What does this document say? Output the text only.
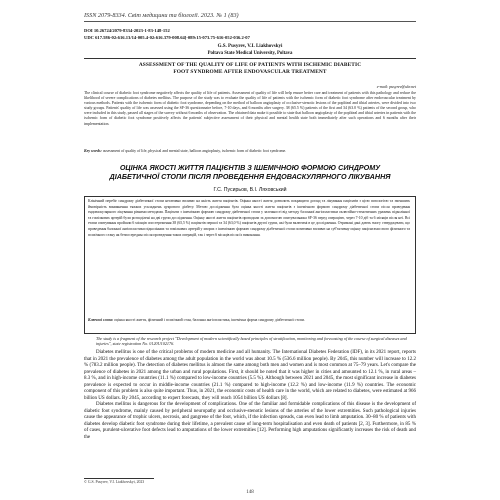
ISSN 2079-8334. Світ медицини та біології. 2023. № 1 (83)
DOI 10.26724/2079-8334-2023-1-83-148-152
UDC 617.586-02:616.13/14-005.4-02:616.379-008.64]-089:15-073.75-616-052-036.2-07
G.S. Pusyrev, V.I. Liakhovskyi
Poltava State Medical University, Poltava
ASSESSMENT OF THE QUALITY OF LIFE OF PATIENTS WITH ISCHEMIC DIABETIC
FOOT SYNDROME AFTER ENDOVASCULAR TREATMENT
e-mail: pusyrev@ukr.net
The clinical course of diabetic foot syndrome negatively affects the quality of life of patients. Assessment of quality of life will help ensure better care and treatment of patients with this pathology and reduce the likelihood of severe complications of diabetes mellitus. The purpose of the study was to evaluate the quality of life of patients with the ischemic form of diabetic foot syndrome after endovascular treatment by various methods. Patients with the ischemic form of diabetic foot syndrome, depending on the method of balloon angioplasty of occlusive-stenotic lesions of the popliteal and tibial arteries, were divided into two study groups. Patients' quality of life was assessed using the SF-36 questionnaire before, 7-10 days, and 6 months after surgery. 38 (65.5 %) patients of the first and 34 (63.0 %) patients of the second group, who were included in this study, passed all stages of the survey without 6 months of observation. The obtained data make it possible to state that balloon angioplasty of the popliteal and tibial arteries in patients with the ischemic form of diabetic foot syndrome positively affects the patients' subjective assessment of their physical and mental health state both immediately after such operations and 6 months after their implementation.
Key words: assessment of quality of life, physical and mental state, balloon angioplasty, ischemic form of diabetic foot syndrome.
ОЦІНКА ЯКОСТІ ЖИТТЯ ПАЦІЄНТІВ З ІШЕМІЧНОЮ ФОРМОЮ СИНДРОМУ
ДІАБЕТИЧНОЇ СТОПИ ПІСЛЯ ПРОВЕДЕННЯ ЕНДОВАСКУЛЯРНОГО ЛІКУВАННЯ
Г.С. Пусирьов, В.І. Ляховський
Клінічний перебіг синдрому діабетичної стопи негативно впливає на якість життя пацієнтів. Оцінка якості життя дозволить покращити догляд та лікування пацієнтів з цією патологією та зменшить ймовірність виникнення тяжких ускладнень цукрового діабету. Метою дослідження була оцінка якості життя пацієнтів з ішемічною формою синдрому діабетичної стопи після проведення ендоваскулярного лікування різними методами. Пацієнти з ішемічною формою синдрому діабетичної стопи у залежності від методу балонної ангіопластики оклюзійно-стенотичних уражень підколінної та гомілкових артерій були розподілені на дві групи дослідження. Оцінку якості життя пацієнтів проводили за допомогою опитувальника SF-36 перед операцією, через 7-10 діб та 6 місяців після неї. Всі етапи опитування пройшли 6 місяців спостереження 38 (65,5 %) пацієнтів першої та 34 (63,0 %) пацієнтів другої групи, які були включені в це дослідження. Отримані дані дають змогу стверджувати, що проведення балонної ангіопластики підколінних та гомілкових артерій у хворих з ішемічною формою синдрому діабетичної стопи позитивно впливає на суб'єктивну оцінку пацієнтами свого фізичного та психічного стану як безпосередньо після проведення таких операцій, так і через 6 місяців після їх виконання.
Ключові слова: оцінка якості життя, фізичний і психічний стан, балонна ангіопластика, ішемічна форма синдрому діабетичної стопи.
The study is a fragment of the research project "Development of modern scientifically based principles of stratification, monitoring and forecasting of the course of surgical diseases and injuries", state registration No. 0120U102176.

Diabetes mellitus is one of the critical problems of modern medicine and all humanity. The International Diabetes Federation (IDF), in its 2021 report, reports that in 2021 the prevalence of diabetes among the adult population in the world was about 10.5 % (536.6 million people). By 2045, this number will increase to 12.2 % (783.2 million people). The detection of diabetes mellitus is almost the same among both men and women and is most common at 75–79 years. Let's compare the prevalence of diabetes in 2021 among the urban and rural populations. First, it should be noted that it was higher in cities and amounted to 12.1 %, in rural areas – 8.3 %, and in high-income countries (11.1 %) compared to low-income countries (5.5 %). Although between 2021 and 2045, the most significant increase in diabetes prevalence is expected to occur in middle-income countries (21.1 %) compared to high-income (12.2 %) and low-income (11.9 %) countries. The economic component of this problem is also quite important. Thus, in 2021, the economic costs of health care in the world, which are related to diabetes, were estimated at 966 billion US dollars. By 2045, according to expert forecasts, they will reach 1054 billion US dollars [8].

Diabetes mellitus is dangerous for the development of complications. One of the familiar and formidable complications of this disease is the development of diabetic foot syndrome, mainly caused by peripheral neuropathy and occlusive-stenotic lesions of the arteries of the lower extremities. Such pathological injuries cause the appearance of trophic ulcers, necrosis, and gangrene of the foot, which, if the infection spreads, can even lead to limb amputation. 30–80 % of patients with diabetes develop diabetic foot syndrome during their lifetime, a prevalent cause of long-term hospitalisation and even death of patients [2, 3]. Furthermore, in 85 % of cases, purulent-ulcerative foot defects lead to amputations of the lower extremities [12]. Performing high amputations significantly increases the risk of death and the

© G.S. Pusyrev, V.I. Liakhovskyi, 2023
148
